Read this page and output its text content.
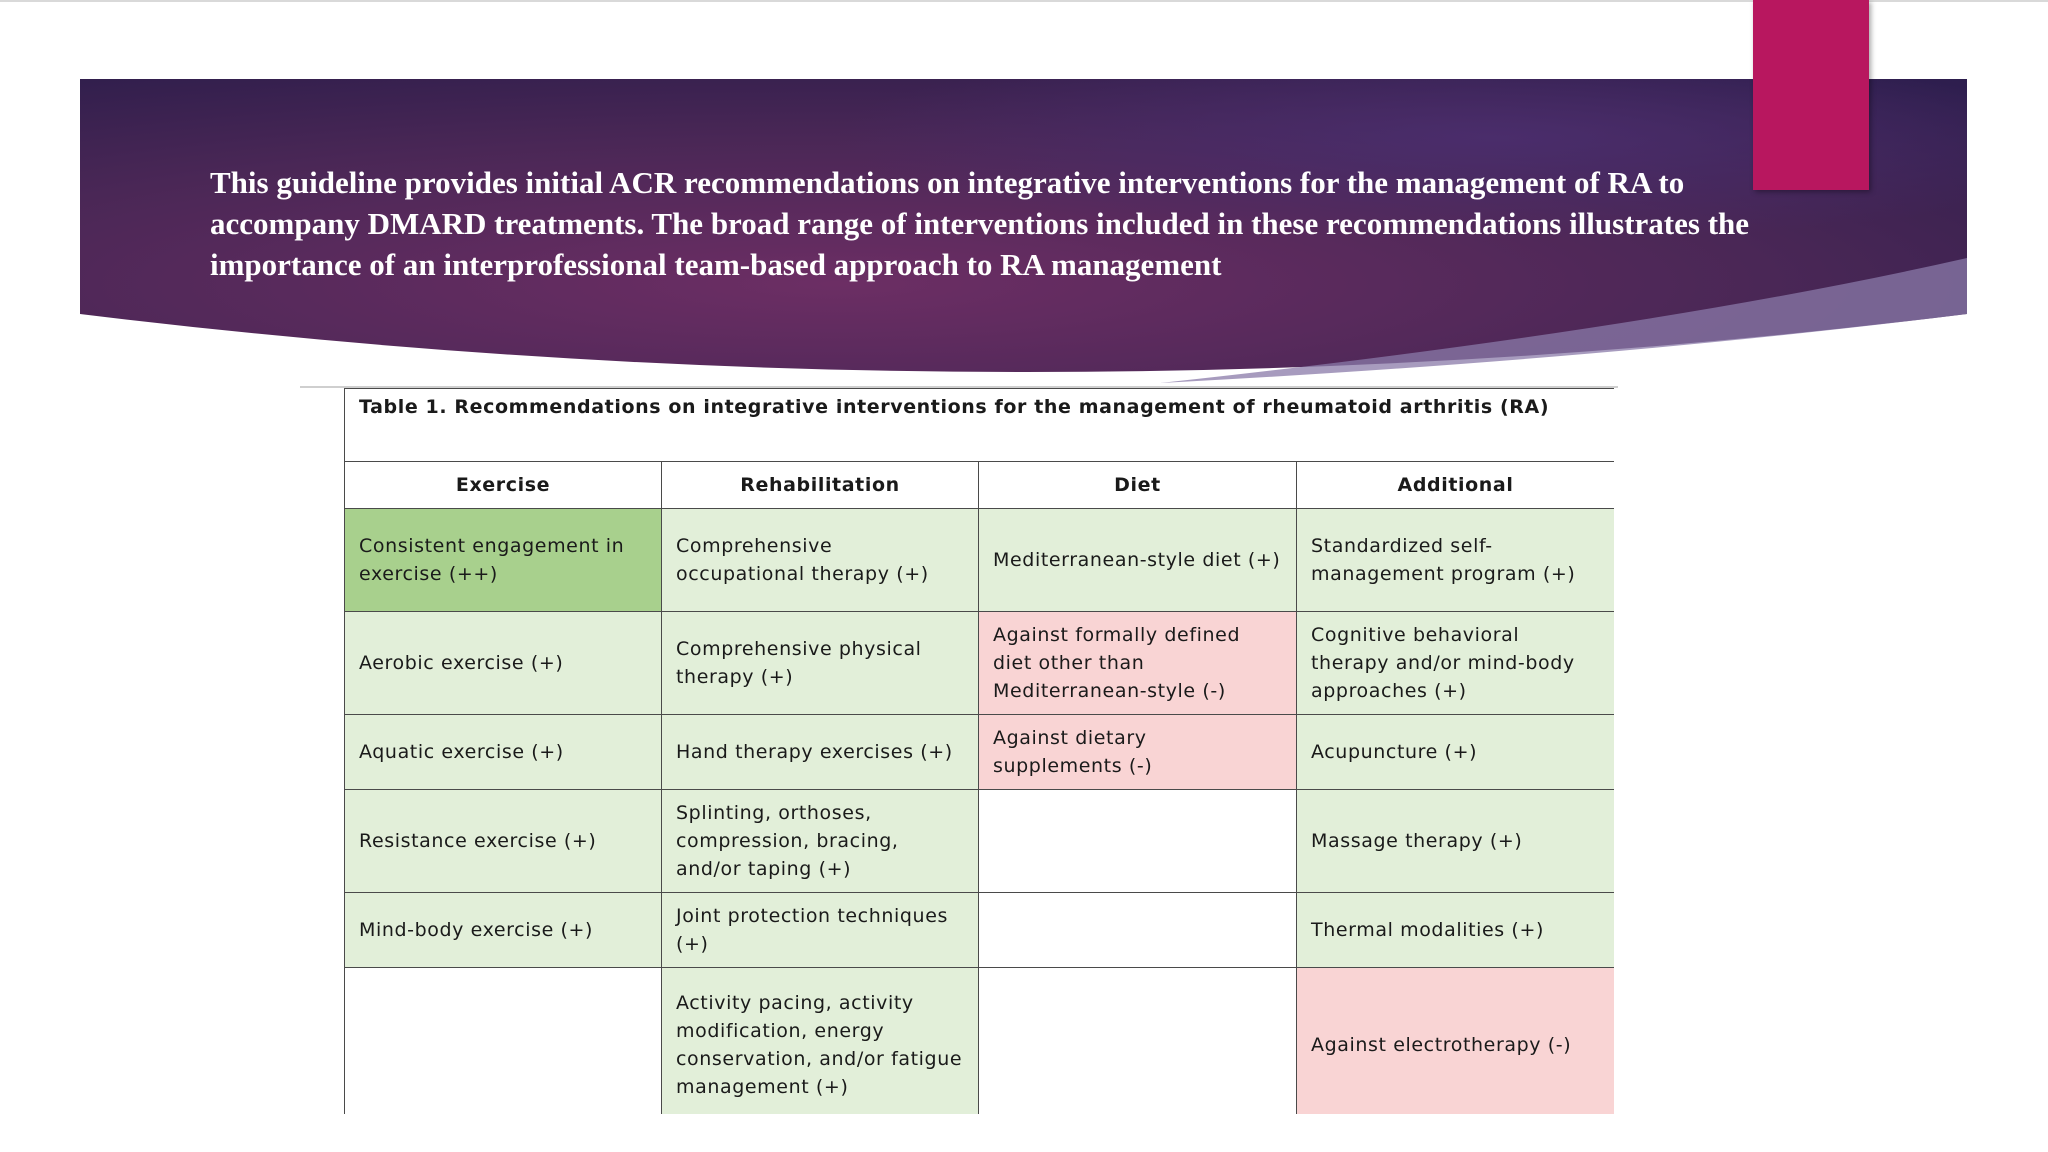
This guideline provides initial ACR recommendations on integrative interventions for the management of RA to accompany DMARD treatments. The broad range of interventions included in these recommendations illustrates the importance of an interprofessional team-based approach to RA management

Table 1. Recommendations on integrative interventions for the management of rheumatoid arthritis (RA)			
Exercise	Rehabilitation	Diet	Additional
Consistent engagement in exercise (++)	Comprehensive occupational therapy (+)	Mediterranean-style diet (+)	Standardized self-management program (+)
Aerobic exercise (+)	Comprehensive physical therapy (+)	Against formally defined diet other than Mediterranean-style (-)	Cognitive behavioral therapy and/or mind-body approaches (+)
Aquatic exercise (+)	Hand therapy exercises (+)	Against dietary supplements (-)	Acupuncture (+)
Resistance exercise (+)	Splinting, orthoses, compression, bracing, and/or taping (+)		Massage therapy (+)
Mind-body exercise (+)	Joint protection techniques (+)		Thermal modalities (+)
	Activity pacing, activity modification, energy conservation, and/or fatigue management (+)		Against electrotherapy (-)
